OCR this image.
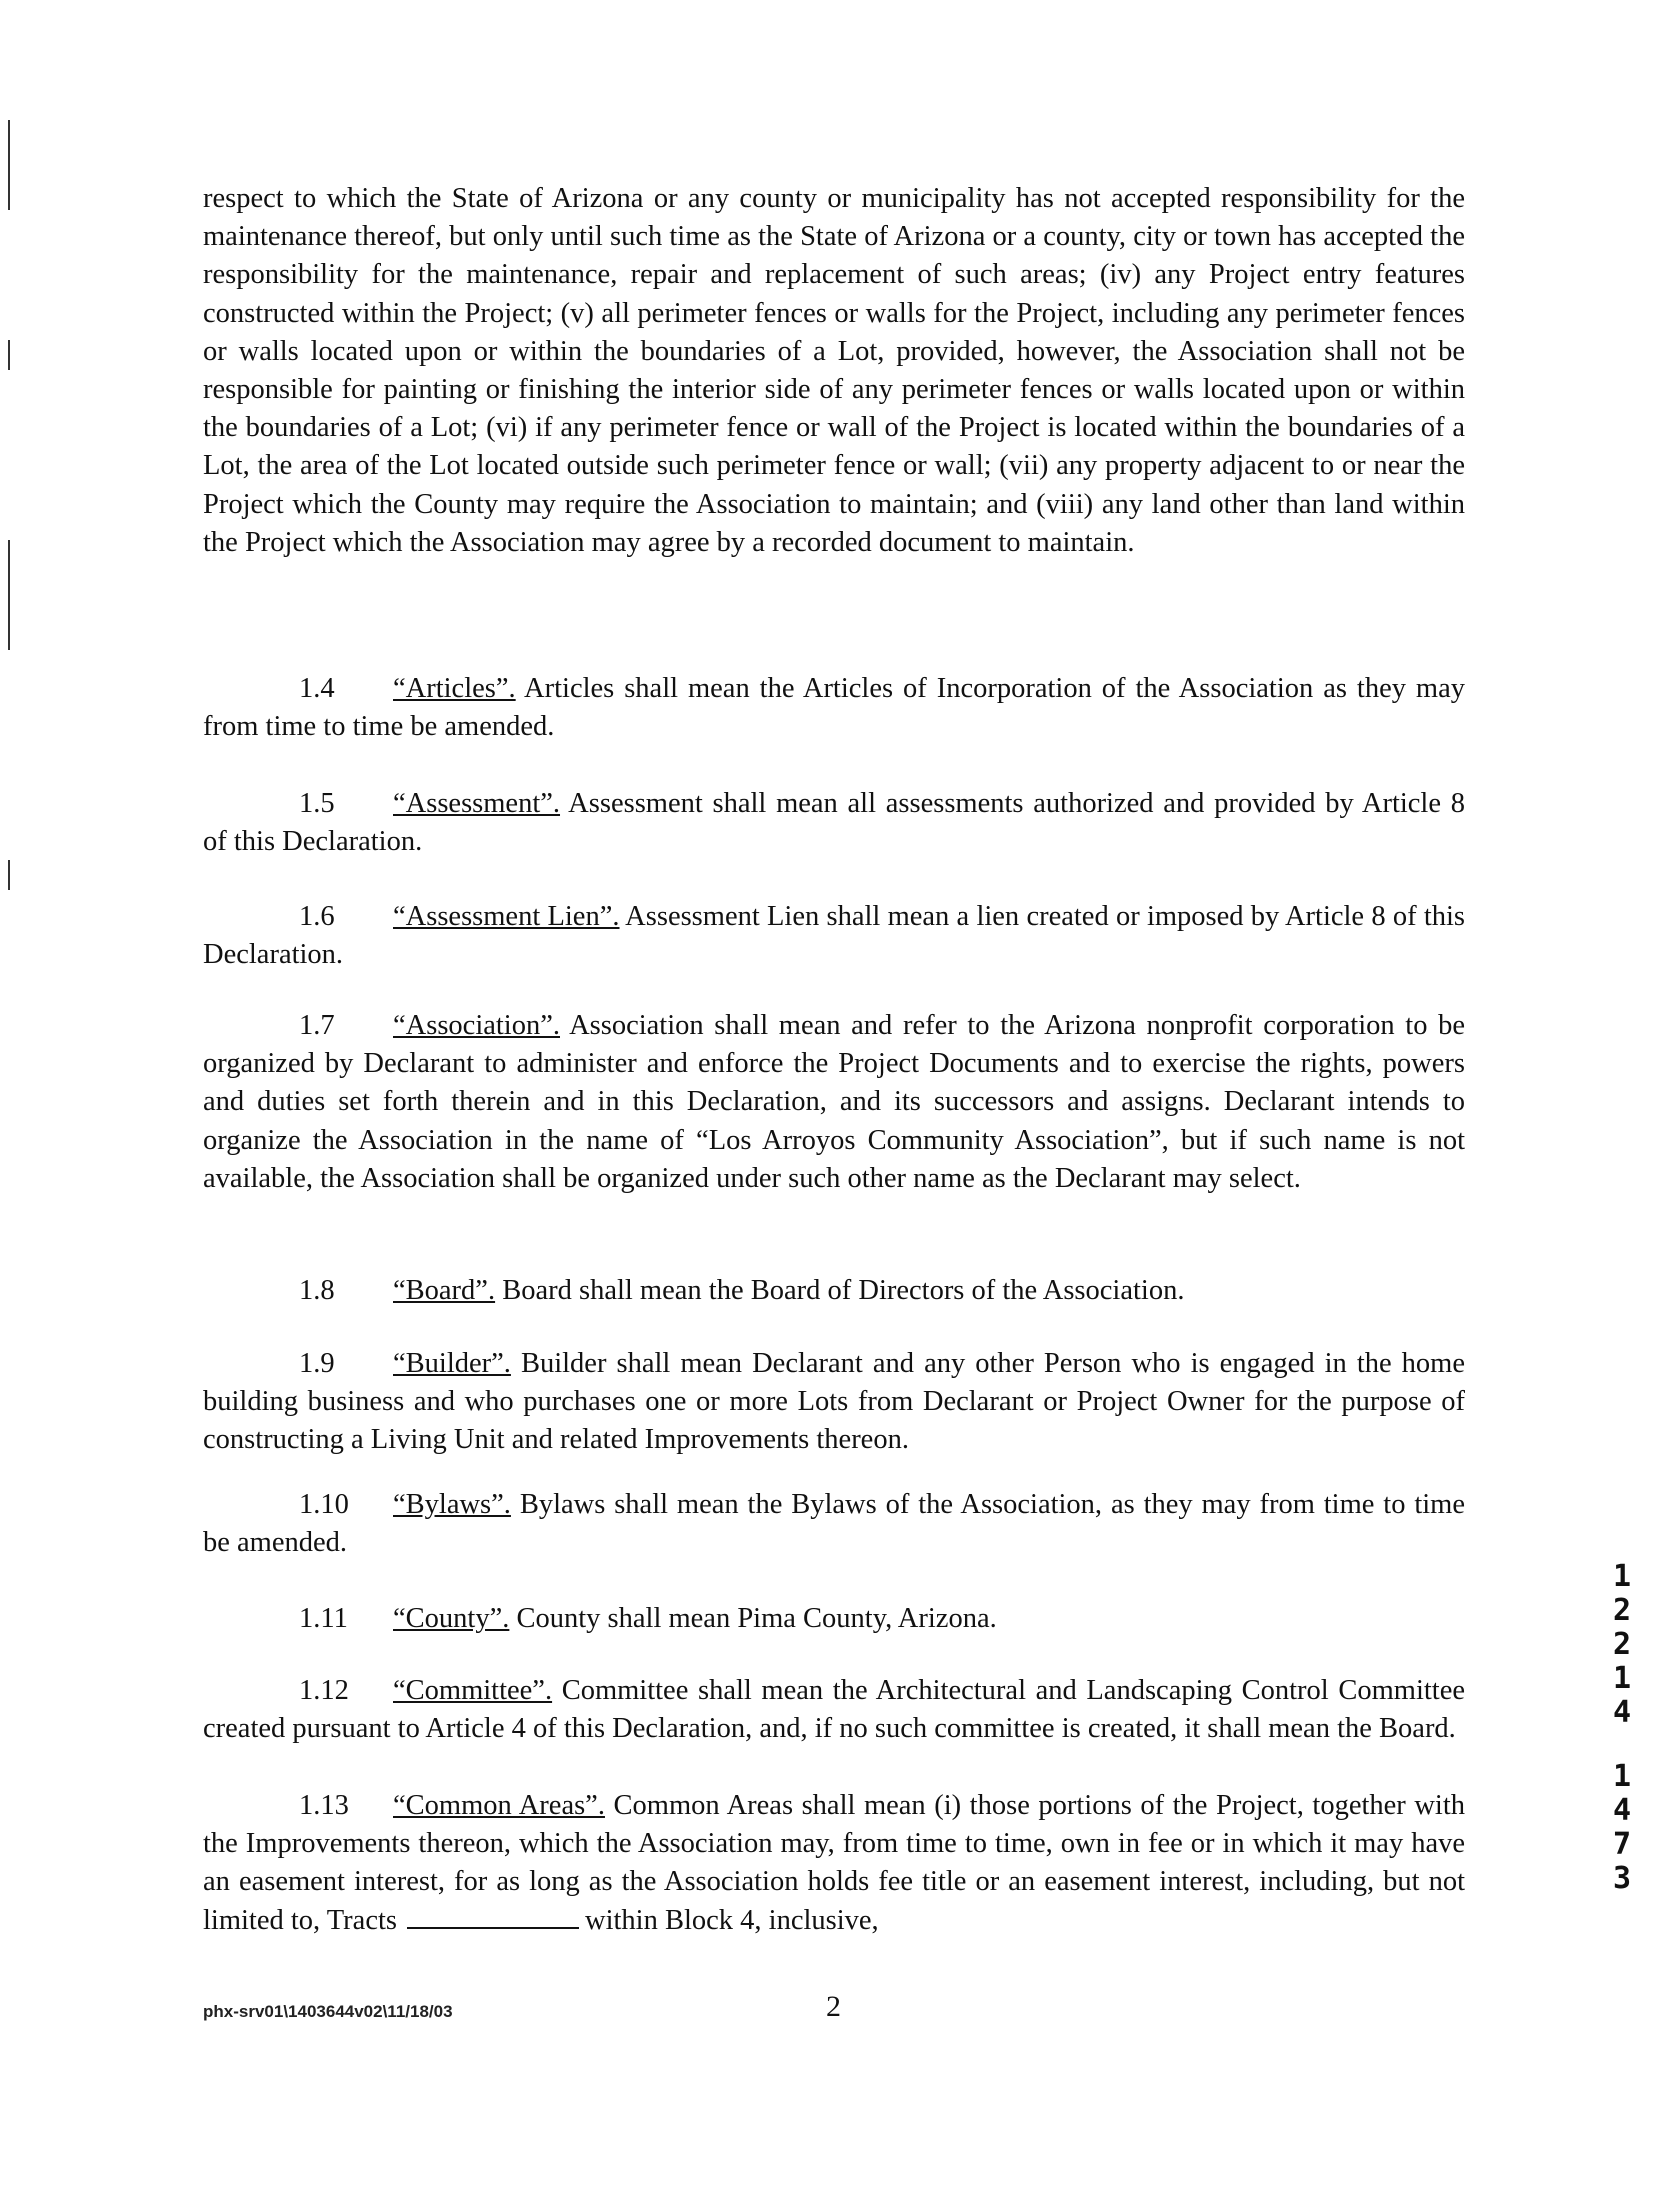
respect to which the State of Arizona or any county or municipality has not accepted responsibility for the maintenance thereof, but only until such time as the State of Arizona or a county, city or town has accepted the responsibility for the maintenance, repair and replacement of such areas; (iv) any Project entry features constructed within the Project; (v) all perimeter fences or walls for the Project, including any perimeter fences or walls located upon or within the boundaries of a Lot, provided, however, the Association shall not be responsible for painting or finishing the interior side of any perimeter fences or walls located upon or within the boundaries of a Lot; (vi) if any perimeter fence or wall of the Project is located within the boundaries of a Lot, the area of the Lot located outside such perimeter fence or wall; (vii) any property adjacent to or near the Project which the County may require the Association to maintain; and (viii) any land other than land within the Project which the Association may agree by a recorded document to maintain.

1.4 “Articles”. Articles shall mean the Articles of Incorporation of the Association as they may from time to time be amended.

1.5 “Assessment”. Assessment shall mean all assessments authorized and provided by Article 8 of this Declaration.

1.6 “Assessment Lien”. Assessment Lien shall mean a lien created or imposed by Article 8 of this Declaration.

1.7 “Association”. Association shall mean and refer to the Arizona nonprofit corporation to be organized by Declarant to administer and enforce the Project Documents and to exercise the rights, powers and duties set forth therein and in this Declaration, and its successors and assigns. Declarant intends to organize the Association in the name of “Los Arroyos Community Association”, but if such name is not available, the Association shall be organized under such other name as the Declarant may select.

1.8 “Board”. Board shall mean the Board of Directors of the Association.

1.9 “Builder”. Builder shall mean Declarant and any other Person who is engaged in the home building business and who purchases one or more Lots from Declarant or Project Owner for the purpose of constructing a Living Unit and related Improvements thereon.

1.10 “Bylaws”. Bylaws shall mean the Bylaws of the Association, as they may from time to time be amended.

1.11 “County”. County shall mean Pima County, Arizona.

1.12 “Committee”. Committee shall mean the Architectural and Landscaping Control Committee created pursuant to Article 4 of this Declaration, and, if no such committee is created, it shall mean the Board.

1.13 “Common Areas”. Common Areas shall mean (i) those portions of the Project, together with the Improvements thereon, which the Association may, from time to time, own in fee or in which it may have an easement interest, for as long as the Association holds fee title or an easement interest, including, but not limited to, Tracts	within Block 4, inclusive,

phx-srv01\1403644v02\11/18/03	2
1
2
2
1
4
1
4
7
3
